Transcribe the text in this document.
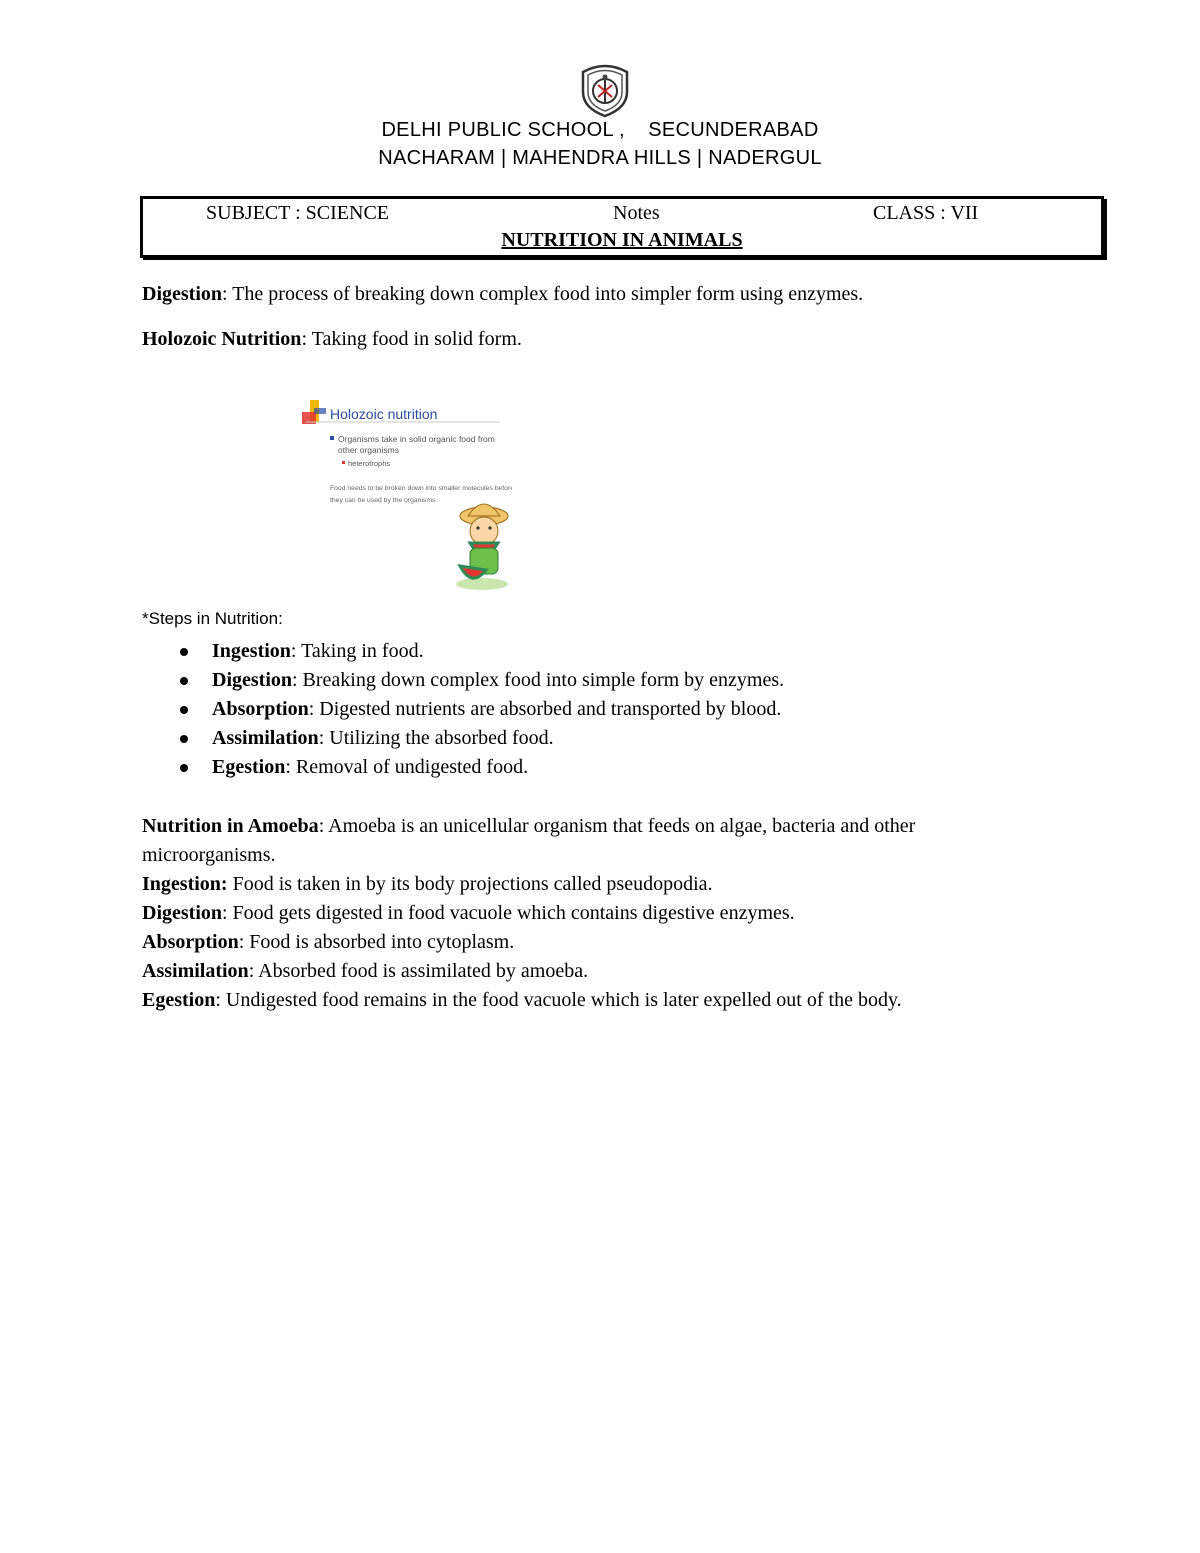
DELHI PUBLIC SCHOOL ,    SECUNDERABAD
NACHARAM | MAHENDRA HILLS | NADERGUL
SUBJECT : SCIENCE	Notes	CLASS : VII
NUTRITION IN ANIMALS
Digestion: The process of breaking down complex food into simpler form using enzymes.
Holozoic Nutrition: Taking food in solid form.
Holozoic nutrition
Organisms take in solid organic food from
other organisms
heterotrophs
Food needs to be broken down into smaller molecules before
they can be used by the organisms
*Steps in Nutrition:
Ingestion: Taking in food.
Digestion: Breaking down complex food into simple form by enzymes.
Absorption: Digested nutrients are absorbed and transported by blood.
Assimilation: Utilizing the absorbed food.
Egestion: Removal of undigested food.
Nutrition in Amoeba: Amoeba is an unicellular organism that feeds on algae, bacteria and other
microorganisms.
Ingestion: Food is taken in by its body projections called pseudopodia.
Digestion: Food gets digested in food vacuole which contains digestive enzymes.
Absorption: Food is absorbed into cytoplasm.
Assimilation: Absorbed food is assimilated by amoeba.
Egestion: Undigested food remains in the food vacuole which is later expelled out of the body.
